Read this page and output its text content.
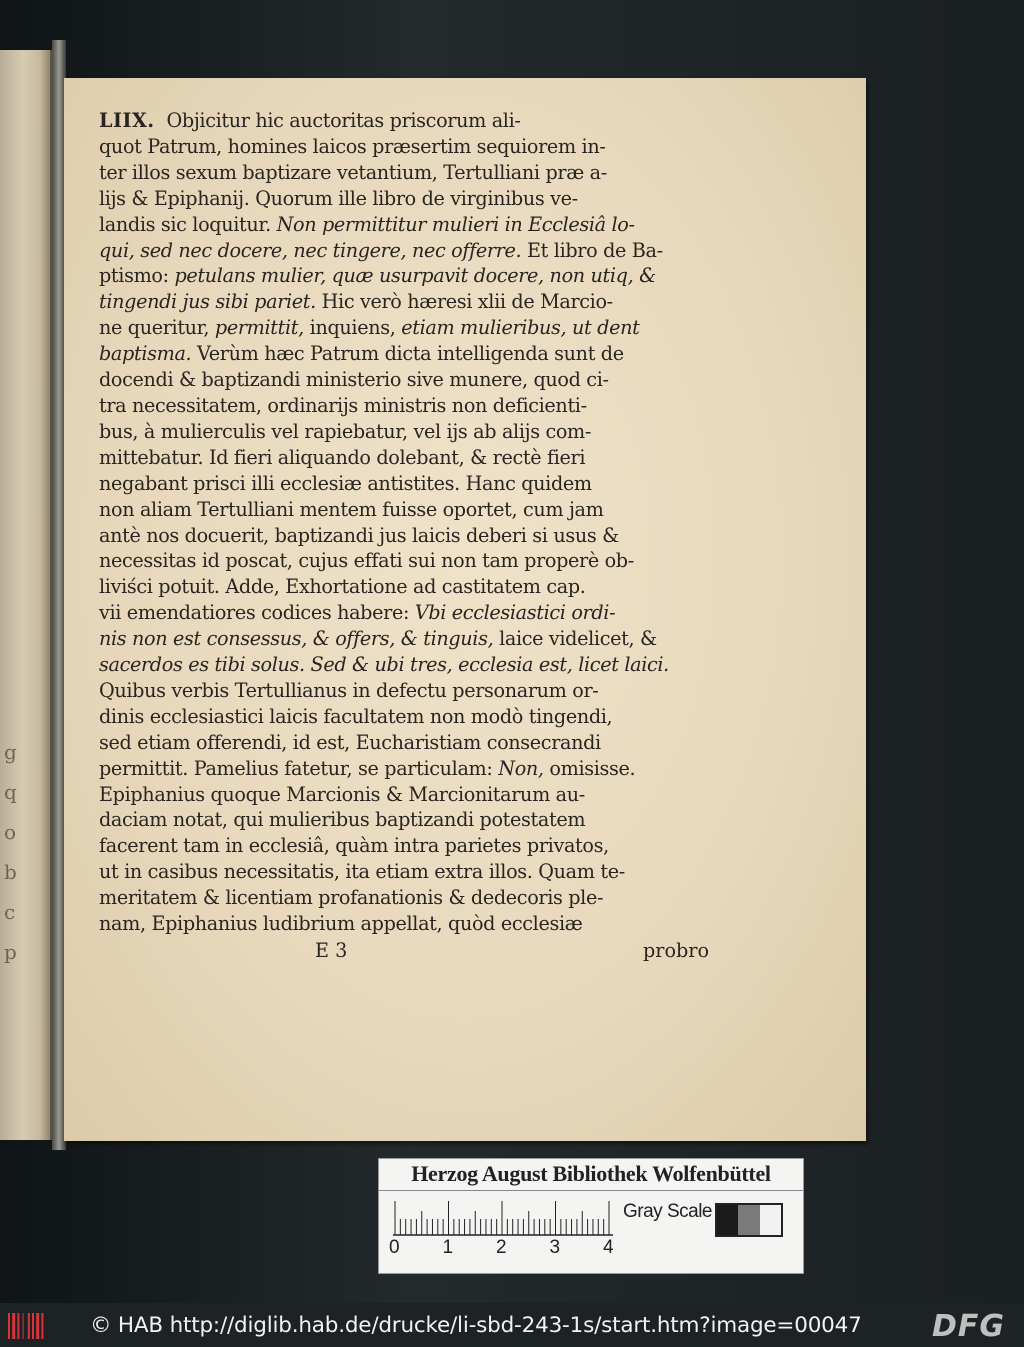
g
q
o
b
c
p
LIIX. Objicitur hic auctoritas priscorum ali-
quot Patrum, homines laicos præsertim sequiorem in-
ter illos sexum baptizare vetantium, Tertulliani præ a-
lijs & Epiphanij. Quorum ille libro de virginibus ve-
landis sic loquitur. Non permittitur mulieri in Ecclesiâ lo-
qui, sed nec docere, nec tingere, nec offerre. Et libro de Ba-
ptismo: petulans mulier, quæ usurpavit docere, non utiq, &
tingendi jus sibi pariet. Hic verò hæresi xlii de Marcio-
ne queritur, permittit, inquiens, etiam mulieribus, ut dent
baptisma. Verùm hæc Patrum dicta intelligenda sunt de
docendi & baptizandi ministerio sive munere, quod ci-
tra necessitatem, ordinarijs ministris non deficienti-
bus, à mulierculis vel rapiebatur, vel ijs ab alijs com-
mittebatur. Id fieri aliquando dolebant, & rectè fieri
negabant prisci illi ecclesiæ antistites. Hanc quidem
non aliam Tertulliani mentem fuisse oportet, cum jam
antè nos docuerit, baptizandi jus laicis deberi si usus &
necessitas id poscat, cujus effati sui non tam properè ob-
liviści potuit. Adde, Exhortatione ad castitatem cap.
vii emendatiores codices habere: Vbi ecclesiastici ordi-
nis non est consessus, & offers, & tinguis, laice videlicet, &
sacerdos es tibi solus. Sed & ubi tres, ecclesia est, licet laici.
Quibus verbis Tertullianus in defectu personarum or-
dinis ecclesiastici laicis facultatem non modò tingendi,
sed etiam offerendi, id est, Eucharistiam consecrandi
permittit. Pamelius fatetur, se particulam: Non, omisisse.
Epiphanius quoque Marcionis & Marcionitarum au-
daciam notat, qui mulieribus baptizandi potestatem
facerent tam in ecclesiâ, quàm intra parietes privatos,
ut in casibus necessitatis, ita etiam extra illos. Quam te-
meritatem & licentiam profanationis & dedecoris ple-
nam, Epiphanius ludibrium appellat, quòd ecclesiæ
E 3	probro
Herzog August Bibliothek Wolfenbüttel
0 1 2 3 4
Gray Scale
© HAB http://diglib.hab.de/drucke/li-sbd-243-1s/start.htm?image=00047 DFG
